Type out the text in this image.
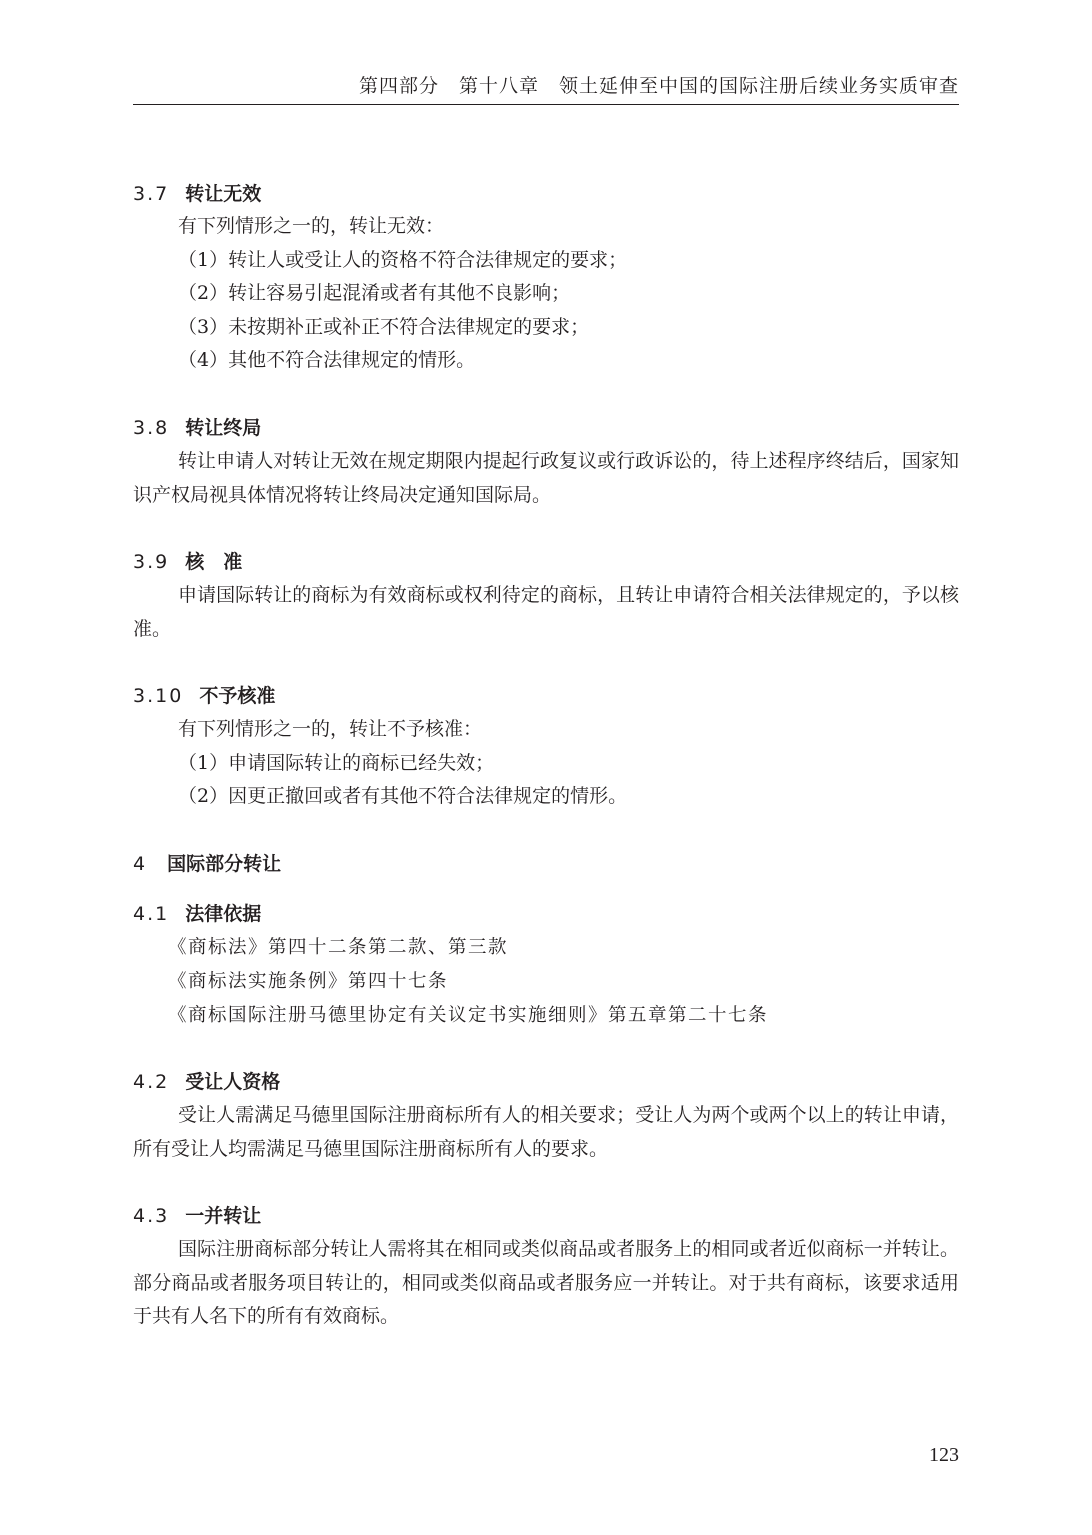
第四部分　第十八章　领土延伸至中国的国际注册后续业务实质审查
3.7 转让无效
有下列情形之一的，转让无效：
（1）转让人或受让人的资格不符合法律规定的要求；
（2）转让容易引起混淆或者有其他不良影响；
（3）未按期补正或补正不符合法律规定的要求；
（4）其他不符合法律规定的情形。
3.8 转让终局
转让申请人对转让无效在规定期限内提起行政复议或行政诉讼的，待上述程序终结后，国家知识产权局视具体情况将转让终局决定通知国际局。
3.9 核　准
申请国际转让的商标为有效商标或权利待定的商标，且转让申请符合相关法律规定的，予以核准。
3.10 不予核准
有下列情形之一的，转让不予核准：
（1）申请国际转让的商标已经失效；
（2）因更正撤回或者有其他不符合法律规定的情形。
4 国际部分转让
4.1 法律依据
《商标法》第四十二条第二款、第三款
《商标法实施条例》第四十七条
《商标国际注册马德里协定有关议定书实施细则》第五章第二十七条
4.2 受让人资格
受让人需满足马德里国际注册商标所有人的相关要求；受让人为两个或两个以上的转让申请，所有受让人均需满足马德里国际注册商标所有人的要求。
4.3 一并转让
国际注册商标部分转让人需将其在相同或类似商品或者服务上的相同或者近似商标一并转让。部分商品或者服务项目转让的，相同或类似商品或者服务应一并转让。对于共有商标，该要求适用于共有人名下的所有有效商标。
123
